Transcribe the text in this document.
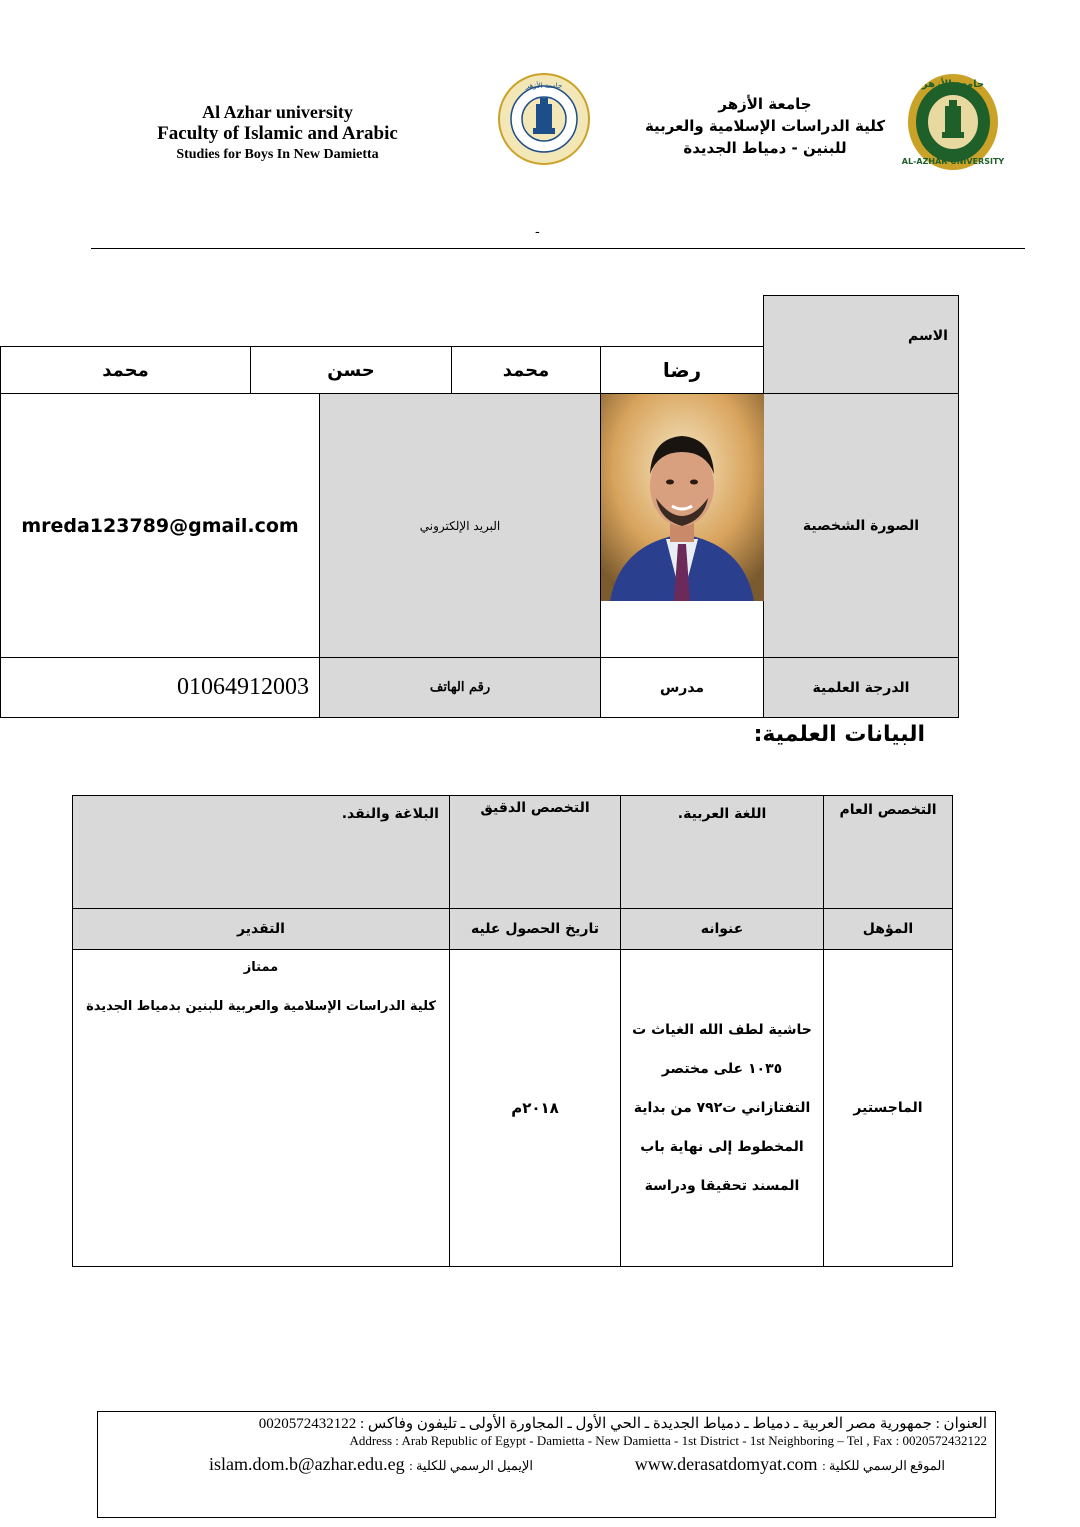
Al Azhar university
Faculty of Islamic and Arabic
Studies for Boys In New Damietta
جامعة الأزهر
جامعة الأزهر
كلية الدراسات الإسلامية والعربية
للبنين - دمياط الجديدة
جامعة الأزهر
AL-AZHAR UNIVERSITY
-
الاسم
رضا
محمد
حسن
محمد
الصورة الشخصية
البريد الإلكتروني
mreda123789@gmail.com
الدرجة العلمية
مدرس
رقم الهاتف
01064912003
البيانات العلمية:
التخصص العام
اللغة العربية.
التخصص الدقيق
البلاغة والنقد.
المؤهل
عنوانه
تاريخ الحصول عليه
التقدير
الماجستير
حاشية لطف الله الغياث ت
١٠٣٥ على مختصر
التفتازاني ت٧٩٢ من بداية
المخطوط إلى نهاية باب
المسند تحقيقا ودراسة
٢٠١٨م
ممتاز
كلية الدراسات الإسلامية والعربية للبنين بدمياط الجديدة
العنوان : جمهورية مصر العربية ـ دمياط ـ دمياط الجديدة ـ الحي الأول ـ المجاورة الأولى ـ تليفون وفاكس : 0020572432122
Address : Arab Republic of Egypt - Damietta - New Damietta - 1st District - 1st Neighboring – Tel , Fax : 0020572432122
الموقع الرسمي للكلية : www.derasatdomyat.com
الإيميل الرسمي للكلية : islam.dom.b@azhar.edu.eg
